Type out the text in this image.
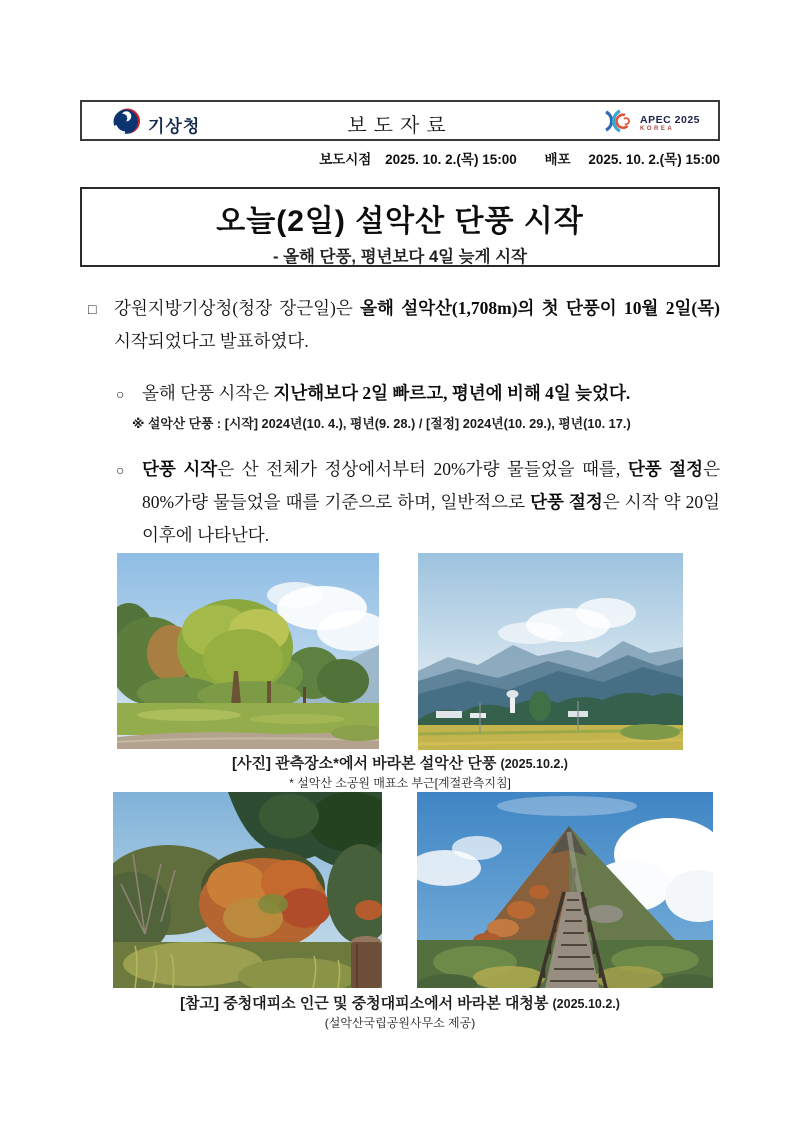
기상청	보도자료	APEC 2025
KOREA
보도시점 2025. 10. 2.(목) 15:00 배포 2025. 10. 2.(목) 15:00
오늘(2일) 설악산 단풍 시작
- 올해 단풍, 평년보다 4일 늦게 시작
□	강원지방기상청(청장 장근일)은 올해 설악산(1,708m)의 첫 단풍이 10월 2일(목) 시작되었다고 발표하였다.
○	올해 단풍 시작은 지난해보다 2일 빠르고, 평년에 비해 4일 늦었다.
※ 설악산 단풍 : [시작] 2024년(10. 4.), 평년(9. 28.) / [절정] 2024년(10. 29.), 평년(10. 17.)
○	단풍 시작은 산 전체가 정상에서부터 20%가량 물들었을 때를, 단풍 절정은 80%가량 물들었을 때를 기준으로 하며, 일반적으로 단풍 절정은 시작 약 20일 이후에 나타난다.
[사진] 관측장소*에서 바라본 설악산 단풍 (2025.10.2.)
* 설악산 소공원 매표소 부근[계절관측지침]
[참고] 중청대피소 인근 및 중청대피소에서 바라본 대청봉 (2025.10.2.)
(설악산국립공원사무소 제공)
